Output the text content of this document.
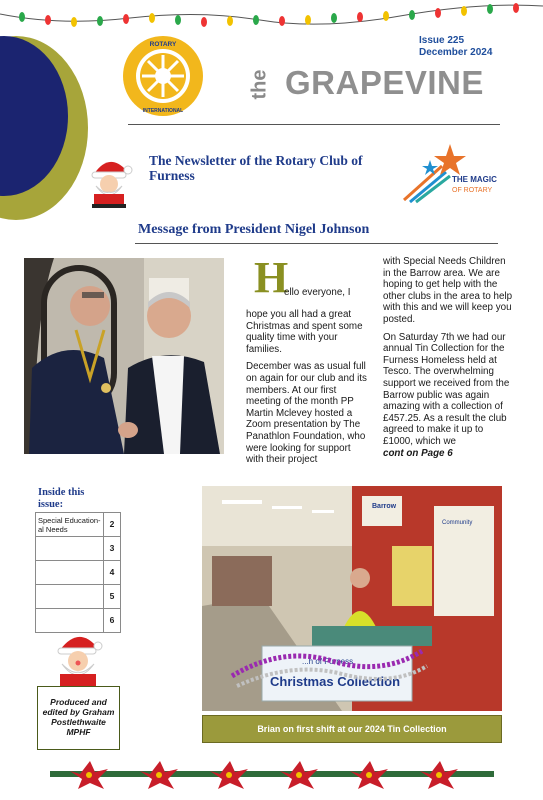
ROTARY
INTERNATIONAL
Issue 225
December 2024
the GRAPEVINE
The Newsletter of the Rotary Club of Furness	THE MAGIC
OF ROTARY
Message from President Nigel Johnson
H
ello everyone, I

hope you all had a great Christmas and spent some quality time with your families.

December was as usual full on again for our club and its members. At our first meeting of the month PP Martin Mclevey hosted a Zoom presentation by The Panathlon Foundation, who were looking for support with their project

with Special Needs Children in the Barrow area. We are hoping to get help with the other clubs in the area to help with this and we will keep you posted.

On Saturday 7th we had our annual Tin Collection for the Furness Homeless held at Tesco. The overwhelming support we received from the Barrow public was again amazing with a collection of £457.25. As a result the club agreed to make it up to £1000, which we

cont on Page 6
Inside this
issue:
Special Education-al Needs	2
	3
	4
	5
	6
Produced and
edited by Graham
Postlethwaite
MPHF
Barrow
Community
...h of Furness
Christmas Collection
Brian on first shift at our 2024 Tin Collection
